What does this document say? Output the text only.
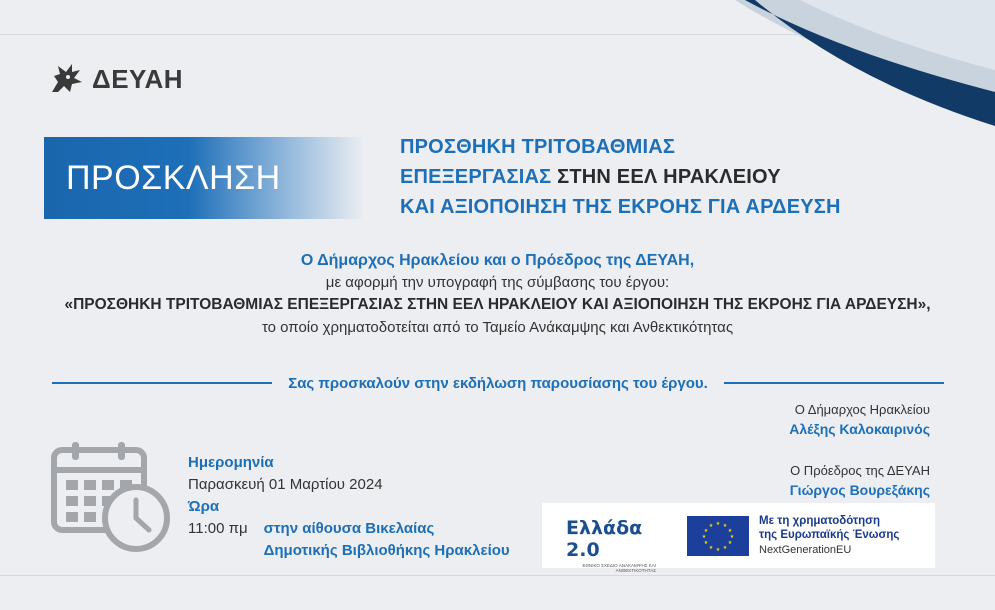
ΔΕΥΑΗ
ΠΡΟΣΚΛΗΣΗ
ΠΡΟΣΘΗΚΗ ΤΡΙΤΟΒΑΘΜΙΑΣ
ΕΠΕΞΕΡΓΑΣΙΑΣ ΣΤΗΝ ΕΕΛ ΗΡΑΚΛΕΙΟΥ
ΚΑΙ ΑΞΙΟΠΟΙΗΣΗ ΤΗΣ ΕΚΡΟΗΣ ΓΙΑ ΑΡΔΕΥΣΗ
Ο Δήμαρχος Ηρακλείου και ο Πρόεδρος της ΔΕΥΑΗ,
με αφορμή την υπογραφή της σύμβασης του έργου:
«ΠΡΟΣΘΗΚΗ ΤΡΙΤΟΒΑΘΜΙΑΣ ΕΠΕΞΕΡΓΑΣΙΑΣ ΣΤΗΝ ΕΕΛ ΗΡΑΚΛΕΙΟΥ ΚΑΙ ΑΞΙΟΠΟΙΗΣΗ ΤΗΣ ΕΚΡΟΗΣ ΓΙΑ ΑΡΔΕΥΣΗ»,
το οποίο χρηματοδοτείται από το Ταμείο Ανάκαμψης και Ανθεκτικότητας
Σας προσκαλούν στην εκδήλωση παρουσίασης του έργου.
Ο Δήμαρχος Ηρακλείου
Αλέξης Καλοκαιρινός
Ο Πρόεδρος της ΔΕΥΑΗ
Γιώργος Βουρεξάκης
Ημερομηνία
Παρασκευή 01 Μαρτίου 2024
Ώρα
11:00 πμ στην αίθουσα Βικελαίας
Δημοτικής Βιβλιοθήκης Ηρακλείου
Ελλάδα 2.0
ΕΘΝΙΚΟ ΣΧΕΔΙΟ ΑΝΑΚΑΜΨΗΣ ΚΑΙ ΑΝΘΕΚΤΙΚΟΤΗΤΑΣ
★ ★
★
★
★
★
★
★
★
★
★
★	Με τη χρηματοδότηση
της Ευρωπαϊκής Ένωσης
NextGenerationEU
